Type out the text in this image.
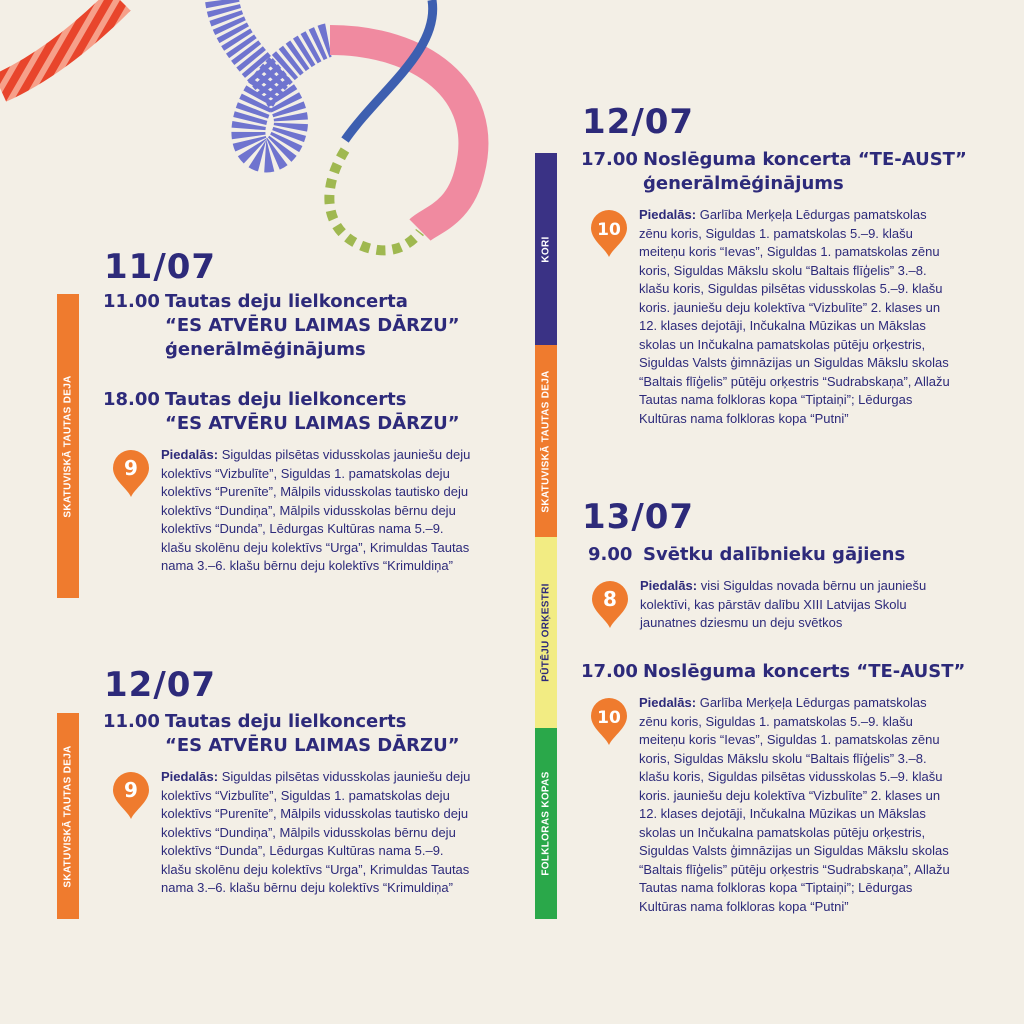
SKATUVISKĀ TAUTAS DEJA
11/07
11.00 Tautas deju lielkoncerta
“ES ATVĒRU LAIMAS DĀRZU”
ģenerālmēģinājums
18.00 Tautas deju lielkoncerts
“ES ATVĒRU LAIMAS DĀRZU”
9
Piedalās: Siguldas pilsētas vidusskolas jauniešu deju kolektīvs “Vizbulīte”, Siguldas 1. pamatskolas deju kolektīvs “Purenīte”, Mālpils vidusskolas tautisko deju kolektīvs “Dundiņa”, Mālpils vidusskolas bērnu deju kolektīvs “Dunda”, Lēdurgas Kultūras nama 5.–9. klašu skolēnu deju kolektīvs “Urga”, Krimuldas Tautas nama 3.–6. klašu bērnu deju kolektīvs “Krimuldiņa”
SKATUVISKĀ TAUTAS DEJA
12/07
11.00 Tautas deju lielkoncerts
“ES ATVĒRU LAIMAS DĀRZU”
9
Piedalās: Siguldas pilsētas vidusskolas jauniešu deju kolektīvs “Vizbulīte”, Siguldas 1. pamatskolas deju kolektīvs “Purenīte”, Mālpils vidusskolas tautisko deju kolektīvs “Dundiņa”, Mālpils vidusskolas bērnu deju kolektīvs “Dunda”, Lēdurgas Kultūras nama 5.–9. klašu skolēnu deju kolektīvs “Urga”, Krimuldas Tautas nama 3.–6. klašu bērnu deju kolektīvs “Krimuldiņa”
KORI
SKATUVISKĀ TAUTAS DEJA
PŪTĒJU ORĶESTRI
FOLKLORAS KOPAS
12/07
17.00 Noslēguma koncerta “TE-AUST”
ģenerālmēģinājums
10
Piedalās: Garlība Merķeļa Lēdurgas pamatskolas zēnu koris, Siguldas 1. pamatskolas 5.–9. klašu meiteņu koris “Ievas”, Siguldas 1. pamatskolas zēnu koris, Siguldas Mākslu skolu “Baltais flīģelis” 3.–8. klašu koris, Siguldas pilsētas vidusskolas 5.–9. klašu koris. jauniešu deju kolektīva “Vizbulīte” 2. klases un 12. klases dejotāji, Inčukalna Mūzikas un Mākslas skolas un Inčukalna pamatskolas pūtēju orķestris, Siguldas Valsts ģimnāzijas un Siguldas Mākslu skolas “Baltais flīģelis” pūtēju orķestris “Sudrabskaņa”, Allažu Tautas nama folkloras kopa “Tiptaiņi”; Lēdurgas Kultūras nama folkloras kopa “Putni”
13/07
9.00 Svētku dalībnieku gājiens
8
Piedalās: visi Siguldas novada bērnu un jauniešu kolektīvi, kas pārstāv dalību XIII Latvijas Skolu jaunatnes dziesmu un deju svētkos
17.00 Noslēguma koncerts “TE-AUST”
10
Piedalās: Garlība Merķeļa Lēdurgas pamatskolas zēnu koris, Siguldas 1. pamatskolas 5.–9. klašu meiteņu koris “Ievas”, Siguldas 1. pamatskolas zēnu koris, Siguldas Mākslu skolu “Baltais flīģelis” 3.–8. klašu koris, Siguldas pilsētas vidusskolas 5.–9. klašu koris. jauniešu deju kolektīva “Vizbulīte” 2. klases un 12. klases dejotāji, Inčukalna Mūzikas un Mākslas skolas un Inčukalna pamatskolas pūtēju orķestris, Siguldas Valsts ģimnāzijas un Siguldas Mākslu skolas “Baltais flīģelis” pūtēju orķestris “Sudrabskaņa”, Allažu Tautas nama folkloras kopa “Tiptaiņi”; Lēdurgas Kultūras nama folkloras kopa “Putni”
